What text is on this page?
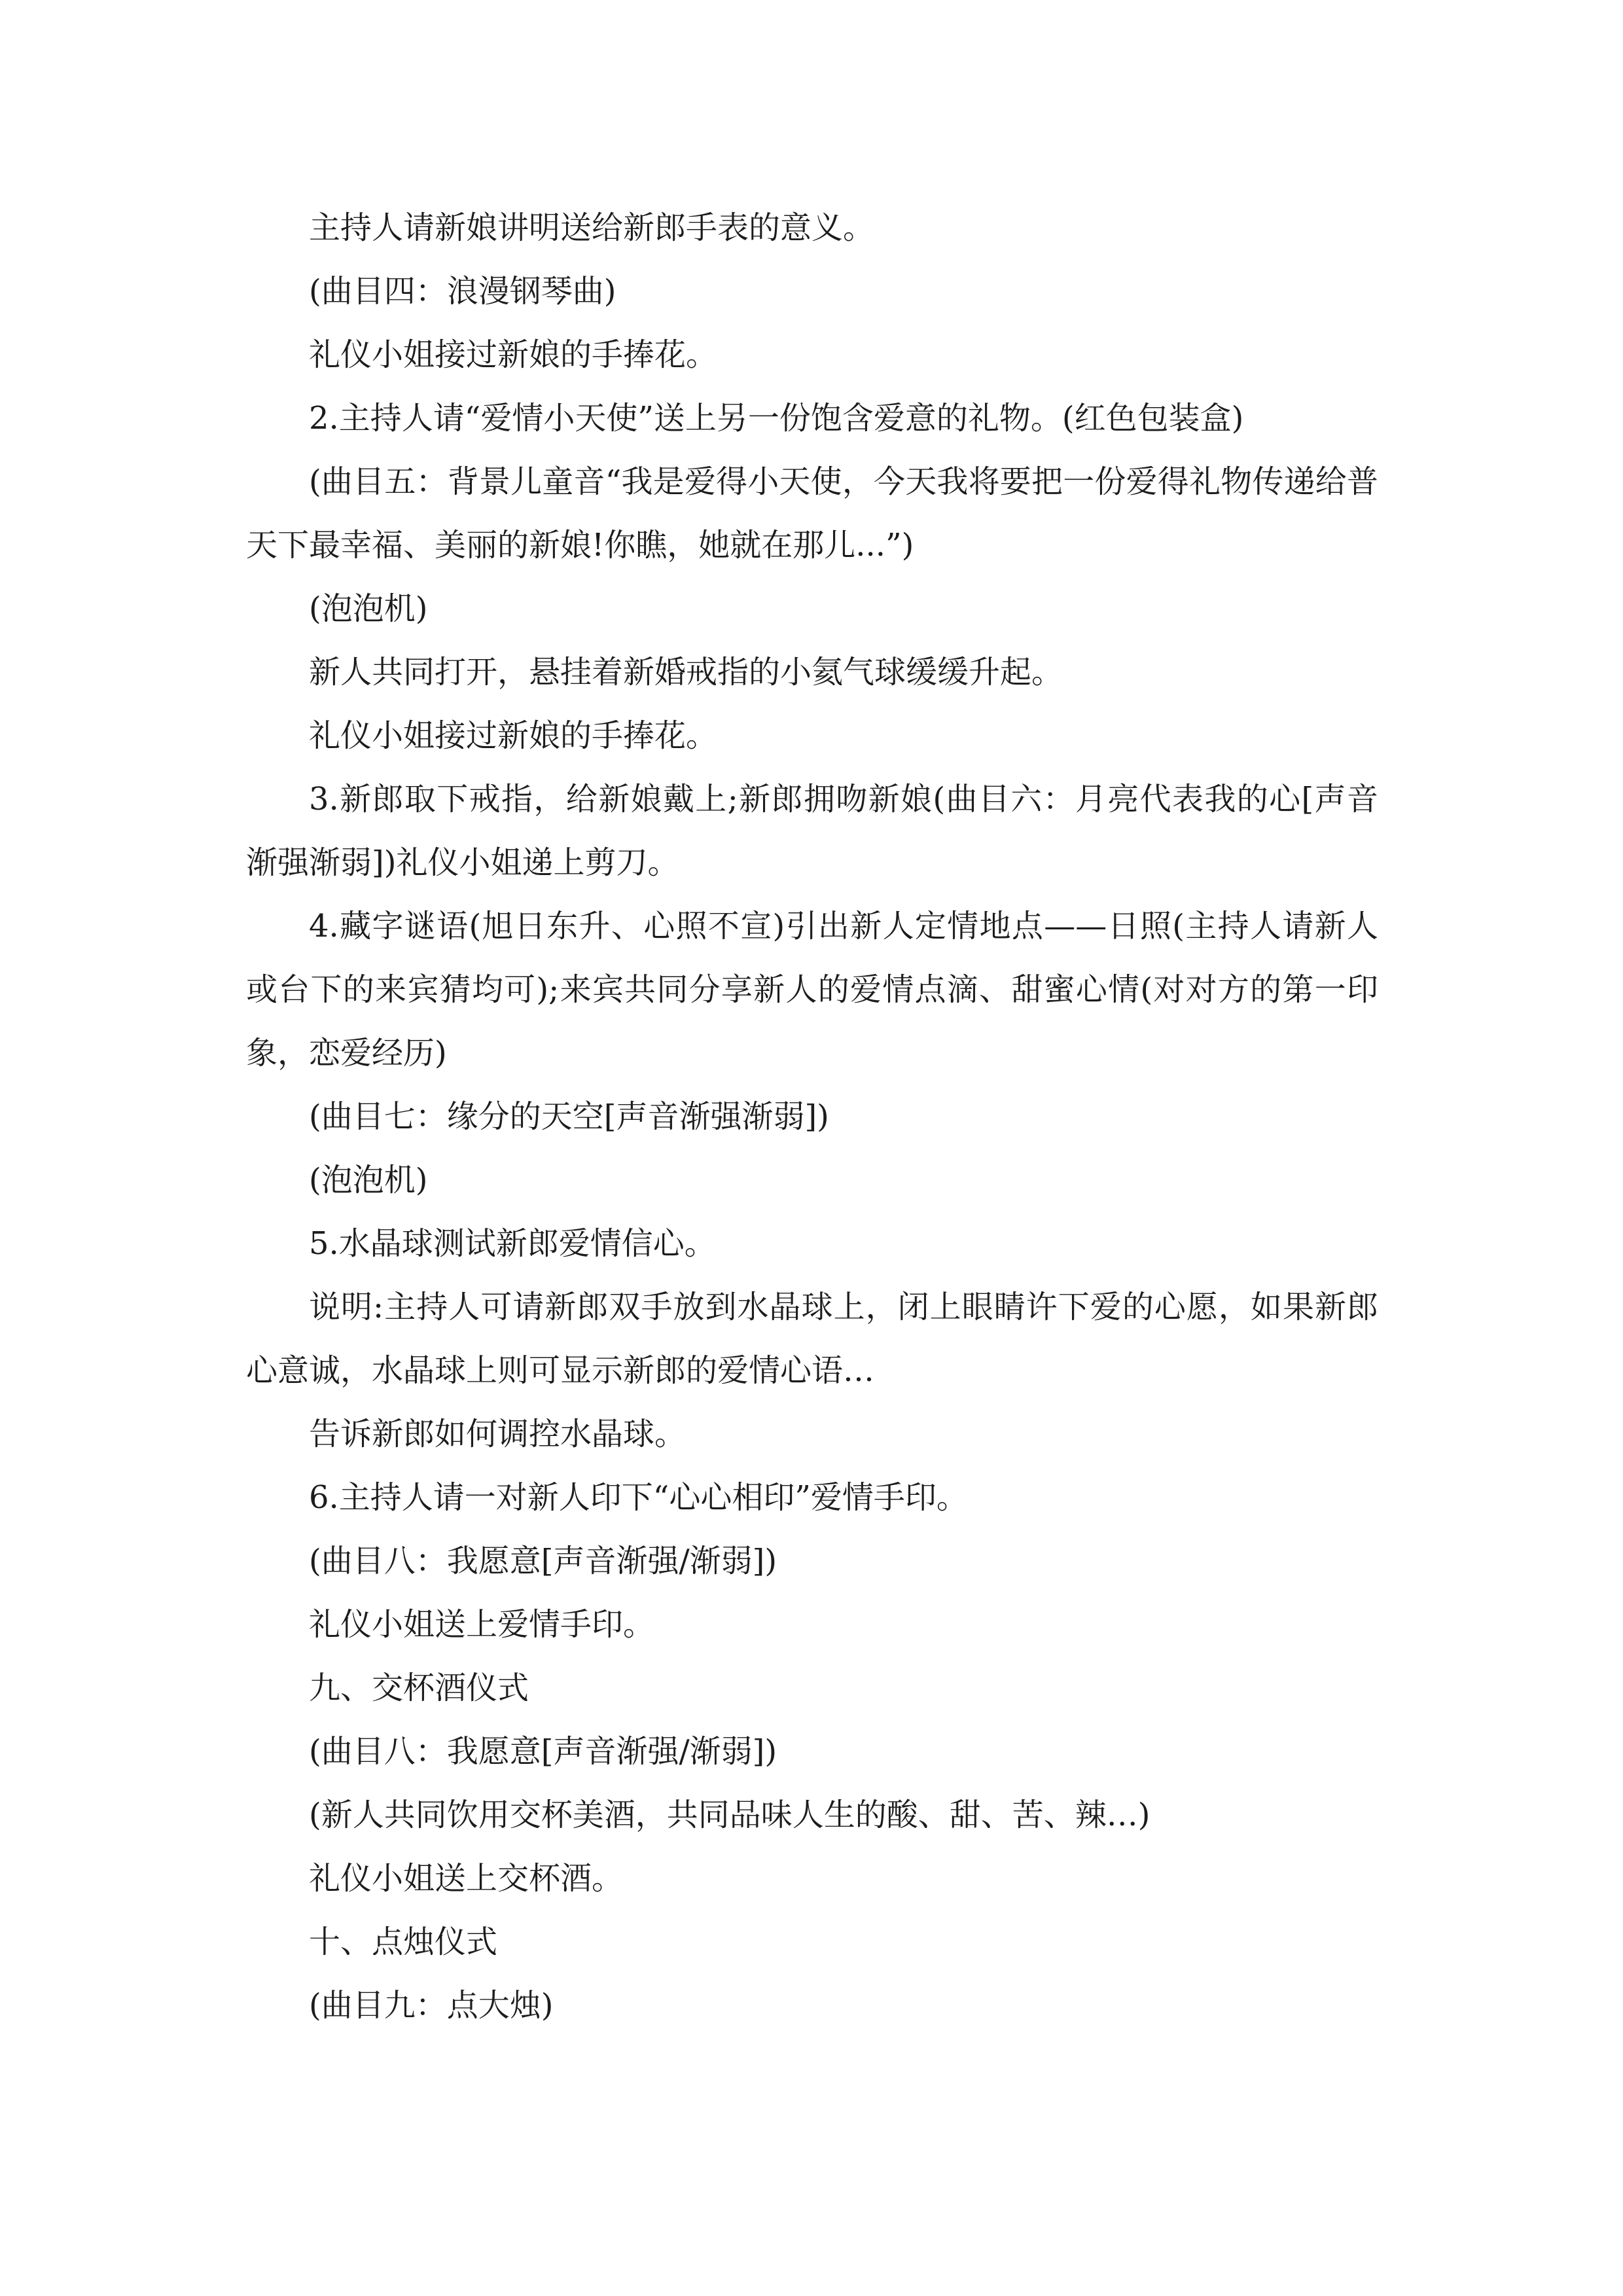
主持人请新娘讲明送给新郎手表的意义。

(曲目四：浪漫钢琴曲)

礼仪小姐接过新娘的手捧花。

2.主持人请“爱情小天使”送上另一份饱含爱意的礼物。(红色包装盒)

(曲目五：背景儿童音“我是爱得小天使，今天我将要把一份爱得礼物传递给普天下最幸福、美丽的新娘!你瞧，她就在那儿...”)

(泡泡机)

新人共同打开，悬挂着新婚戒指的小氦气球缓缓升起。

礼仪小姐接过新娘的手捧花。

3.新郎取下戒指，给新娘戴上;新郎拥吻新娘(曲目六：月亮代表我的心[声音渐强渐弱])礼仪小姐递上剪刀。

4.藏字谜语(旭日东升、心照不宣)引出新人定情地点——日照(主持人请新人或台下的来宾猜均可);来宾共同分享新人的爱情点滴、甜蜜心情(对对方的第一印象，恋爱经历)

(曲目七：缘分的天空[声音渐强渐弱])

(泡泡机)

5.水晶球测试新郎爱情信心。

说明:主持人可请新郎双手放到水晶球上，闭上眼睛许下爱的心愿，如果新郎心意诚，水晶球上则可显示新郎的爱情心语…

告诉新郎如何调控水晶球。

6.主持人请一对新人印下“心心相印”爱情手印。

(曲目八：我愿意[声音渐强/渐弱])

礼仪小姐送上爱情手印。

九、交杯酒仪式

(曲目八：我愿意[声音渐强/渐弱])

(新人共同饮用交杯美酒，共同品味人生的酸、甜、苦、辣…)

礼仪小姐送上交杯酒。

十、点烛仪式

(曲目九：点大烛)
